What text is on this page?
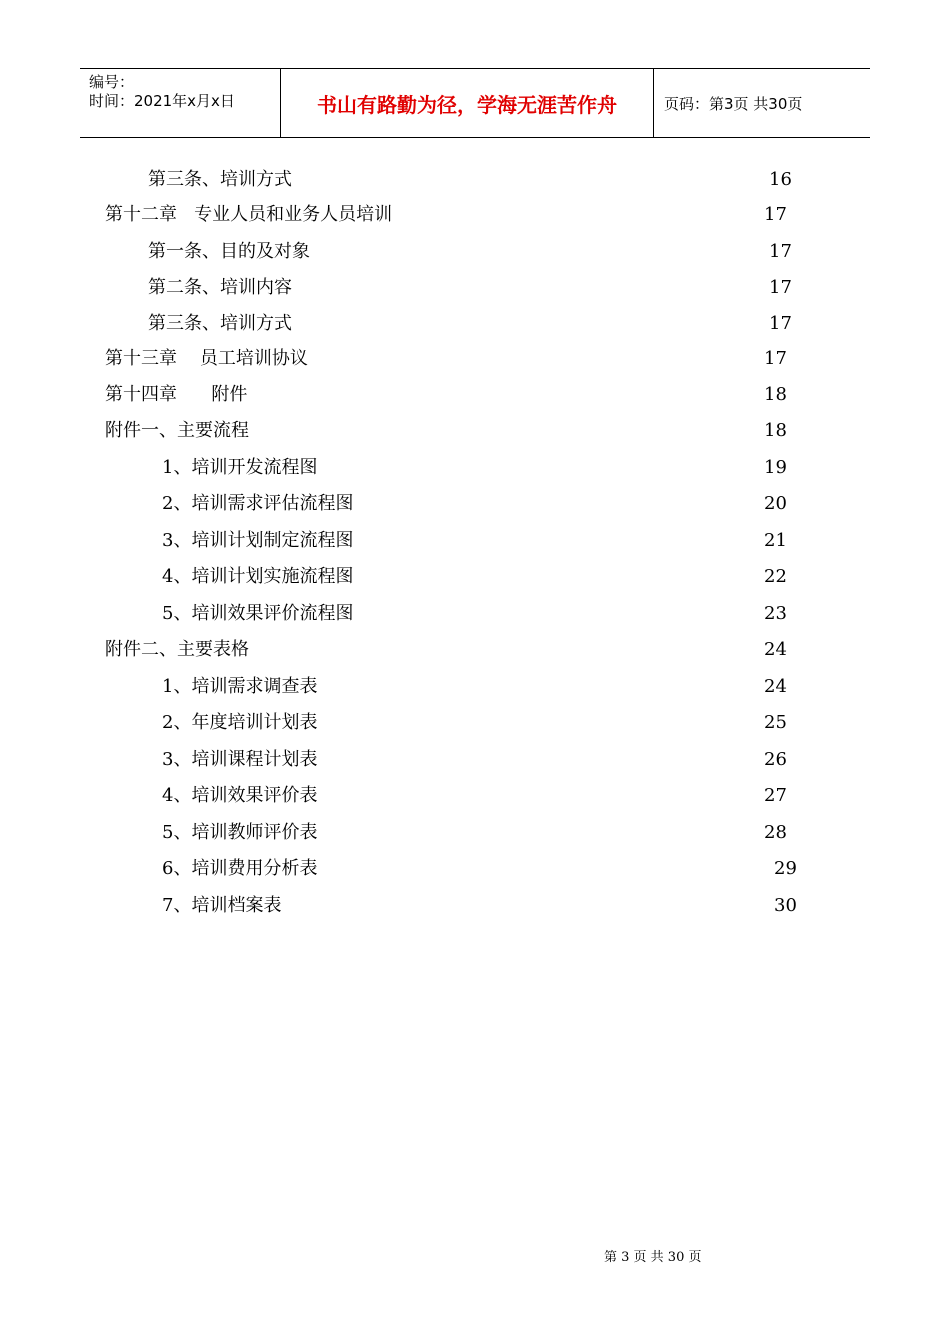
编号：
时间：2021年x月x日	书山有路勤为径，学海无涯苦作舟	页码：第3页 共30页
第三条、培训方式	16
第十二章   专业人员和业务人员培训	17
第一条、目的及对象	17
第二条、培训内容	17
第三条、培训方式	17
第十三章    员工培训协议	17
第十四章      附件	18
附件一、主要流程	18
1、培训开发流程图	19
2、培训需求评估流程图	20
3、培训计划制定流程图	21
4、培训计划实施流程图	22
5、培训效果评价流程图	23
附件二、主要表格	24
1、培训需求调查表	24
2、年度培训计划表	25
3、培训课程计划表	26
4、培训效果评价表	27
5、培训教师评价表	28
6、培训费用分析表	29
7、培训档案表	30
第 3 页 共 30 页
